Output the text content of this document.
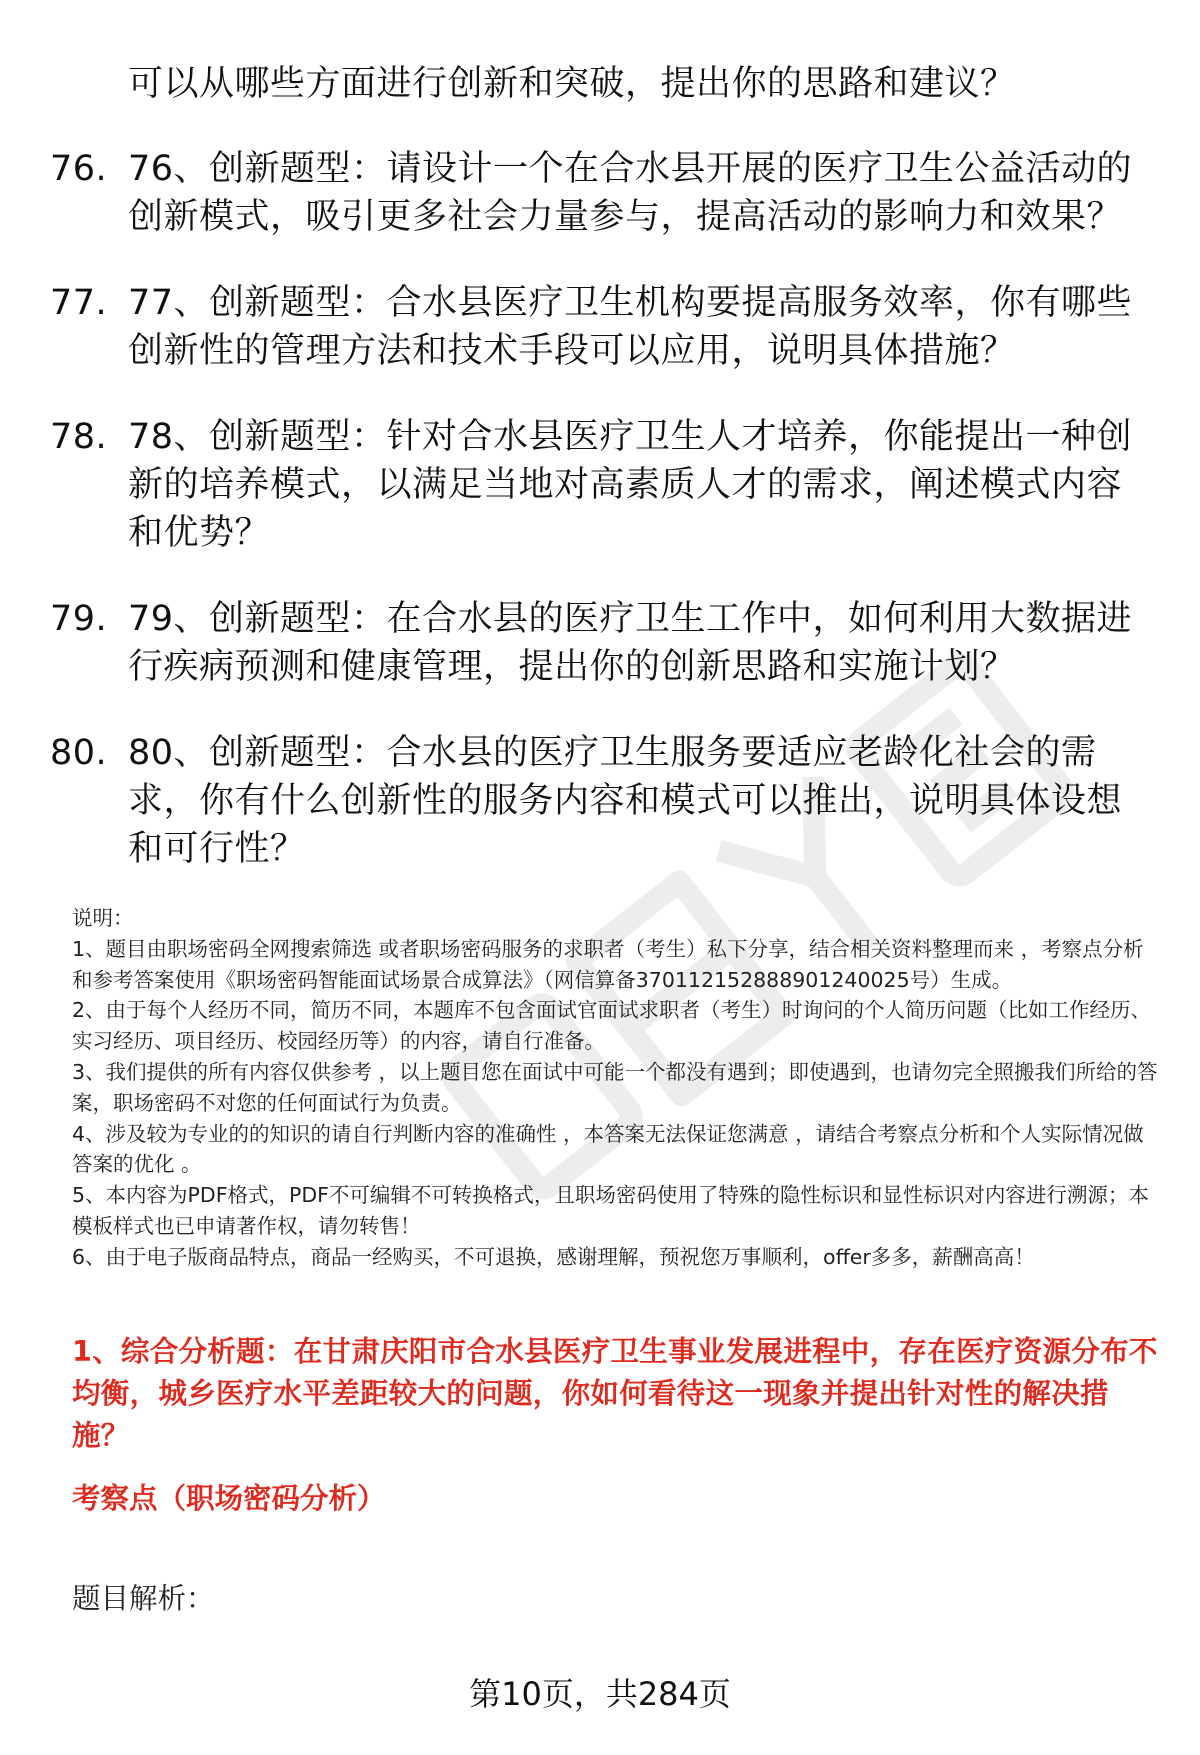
可以从哪些方面进行创新和突破，提出你的思路和建议？
76. 76、创新题型：请设计一个在合水县开展的医疗卫生公益活动的创新模式，吸引更多社会力量参与，提高活动的影响力和效果？
77. 77、创新题型：合水县医疗卫生机构要提高服务效率，你有哪些创新性的管理方法和技术手段可以应用，说明具体措施？
78. 78、创新题型：针对合水县医疗卫生人才培养，你能提出一种创新的培养模式，以满足当地对高素质人才的需求，阐述模式内容和优势？
79. 79、创新题型：在合水县的医疗卫生工作中，如何利用大数据进行疾病预测和健康管理，提出你的创新思路和实施计划？
80. 80、创新题型：合水县的医疗卫生服务要适应老龄化社会的需求，你有什么创新性的服务内容和模式可以推出，说明具体设想和可行性？

说明：

1、题目由职场密码全网搜索筛选 或者职场密码服务的求职者（考生）私下分享，结合相关资料整理而来 ，考察点分析和参考答案使用《职场密码智能面试场景合成算法》（网信算备370112152888901240025号）生成。

2、由于每个人经历不同，简历不同，本题库不包含面试官面试求职者（考生）时询问的个人简历问题（比如工作经历、实习经历、项目经历、校园经历等）的内容，请自行准备。

3、我们提供的所有内容仅供参考 ，以上题目您在面试中可能一个都没有遇到；即使遇到，也请勿完全照搬我们所给的答案，职场密码不对您的任何面试行为负责。

4、涉及较为专业的的知识的请自行判断内容的准确性 ，本答案无法保证您满意 ，请结合考察点分析和个人实际情况做答案的优化 。

5、本内容为PDF格式，PDF不可编辑不可转换格式，且职场密码使用了特殊的隐性标识和显性标识对内容进行溯源；本模板样式也已申请著作权，请勿转售！

6、由于电子版商品特点，商品一经购买，不可退换，感谢理解，预祝您万事顺利，offer多多，薪酬高高！

1、综合分析题：在甘肃庆阳市合水县医疗卫生事业发展进程中，存在医疗资源分布不均衡，城乡医疗水平差距较大的问题，你如何看待这一现象并提出针对性的解决措施？
考察点（职场密码分析）
题目解析：
第10页，共284页
